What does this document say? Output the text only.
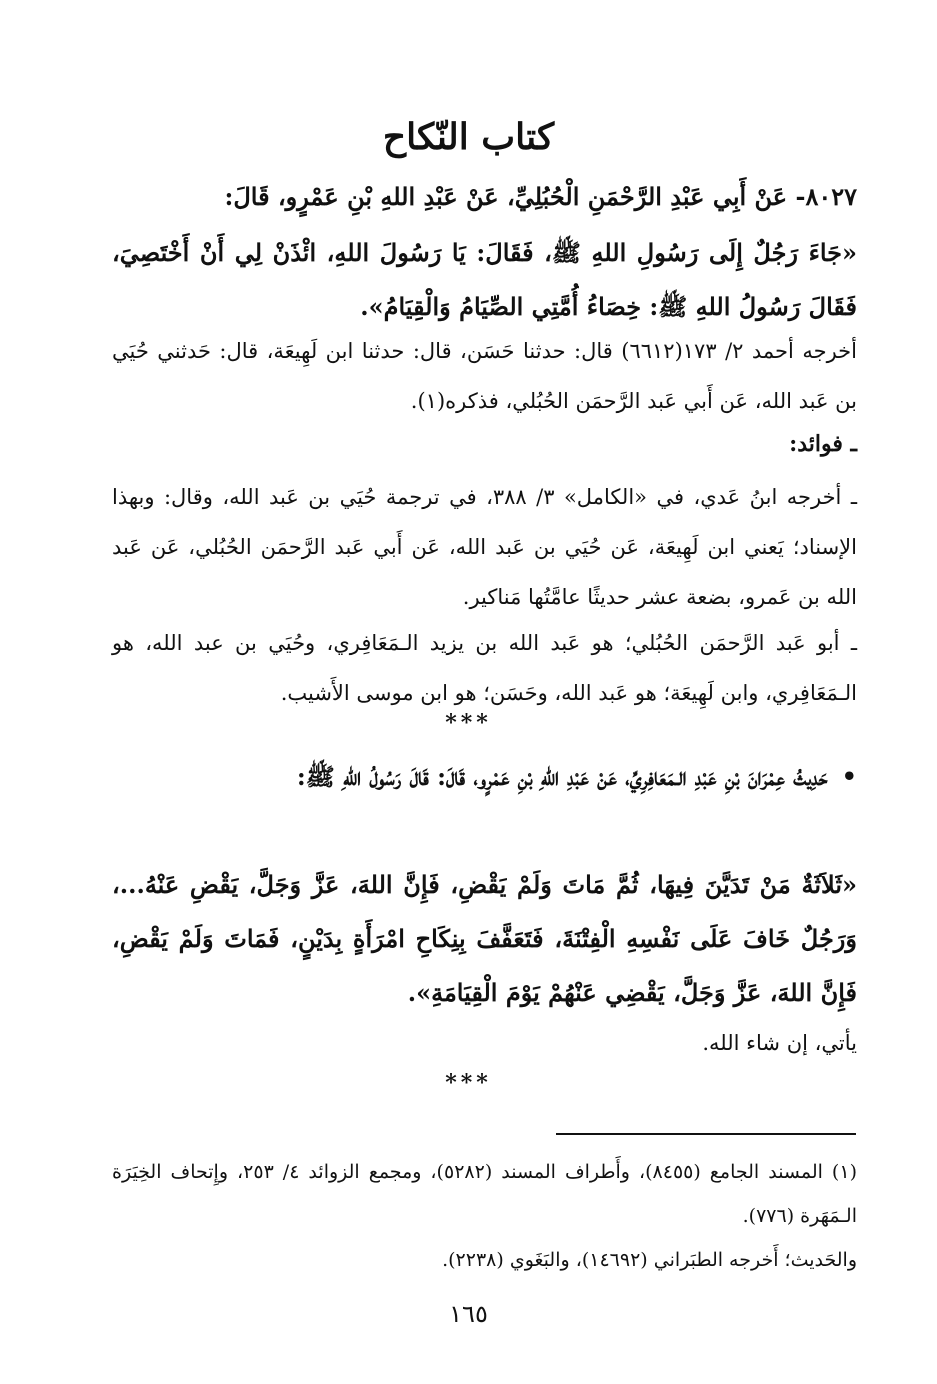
كتاب النّكاح
٨٠٢٧- عَنْ أَبِي عَبْدِ الرَّحْمَنِ الْحُبُلِيِّ، عَنْ عَبْدِ اللهِ بْنِ عَمْرٍو، قَالَ:
«جَاءَ رَجُلٌ إِلَى رَسُولِ اللهِ ﷺ، فَقَالَ: يَا رَسُولَ اللهِ، ائْذَنْ لِي أَنْ أَخْتَصِيَ، فَقَالَ رَسُولُ اللهِ ﷺ: خِصَاءُ أُمَّتِي الصِّيَامُ وَالْقِيَامُ».
أخرجه أحمد ٢/ ١٧٣(٦٦١٢) قال: حدثنا حَسَن، قال: حدثنا ابن لَهِيعَة، قال: حَدثني حُيَي بن عَبد الله، عَن أَبي عَبد الرَّحمَن الحُبُلي، فذكره(١).
ـ فوائد:
ـ أخرجه ابنُ عَدي، في «الكامل» ٣/ ٣٨٨، في ترجمة حُيَي بن عَبد الله، وقال: وبهذا الإسناد؛ يَعني ابن لَهِيعَة، عَن حُيَي بن عَبد الله، عَن أَبي عَبد الرَّحمَن الحُبُلي، عَن عَبد الله بن عَمرو، بضعة عشر حديثًا عامَّتُها مَناكير.
ـ أبو عَبد الرَّحمَن الحُبُلي؛ هو عَبد الله بن يزيد الـمَعَافِري، وحُيَي بن عبد الله، هو الـمَعَافِري، وابن لَهِيعَة؛ هو عَبد الله، وحَسَن؛ هو ابن موسى الأَشيب.
***
•حَدِيثُ عِمْرَانَ بْنِ عَبْدِ الـمَعَافِرِيِّ، عَنْ عَبْدِ اللهِ بْنِ عَمْرٍو، قَالَ: قَالَ رَسُولُ اللهِ ﷺ:
«ثَلاَثَةٌ مَنْ تَدَيَّنَ فِيهَا، ثُمَّ مَاتَ وَلَمْ يَقْضِ، فَإِنَّ اللهَ، عَزَّ وَجَلَّ، يَقْضِ عَنْهُ...، وَرَجُلٌ خَافَ عَلَى نَفْسِهِ الْفِتْنَةَ، فَتَعَفَّفَ بِنِكَاحِ امْرَأَةٍ بِدَيْنٍ، فَمَاتَ وَلَمْ يَقْضِ، فَإِنَّ اللهَ، عَزَّ وَجَلَّ، يَقْضِي عَنْهُمْ يَوْمَ الْقِيَامَةِ».
يأتي، إن شاء الله.
***
(١) المسند الجامع (٨٤٥٥)، وأَطراف المسند (٥٢٨٢)، ومجمع الزوائد ٤/ ٢٥٣، وإِتحاف الخِيَرَة الـمَهَرة (٧٧٦).
والحَديث؛ أَخرجه الطبَراني (١٤٦٩٢)، والبَغَوي (٢٢٣٨).
١٦٥
